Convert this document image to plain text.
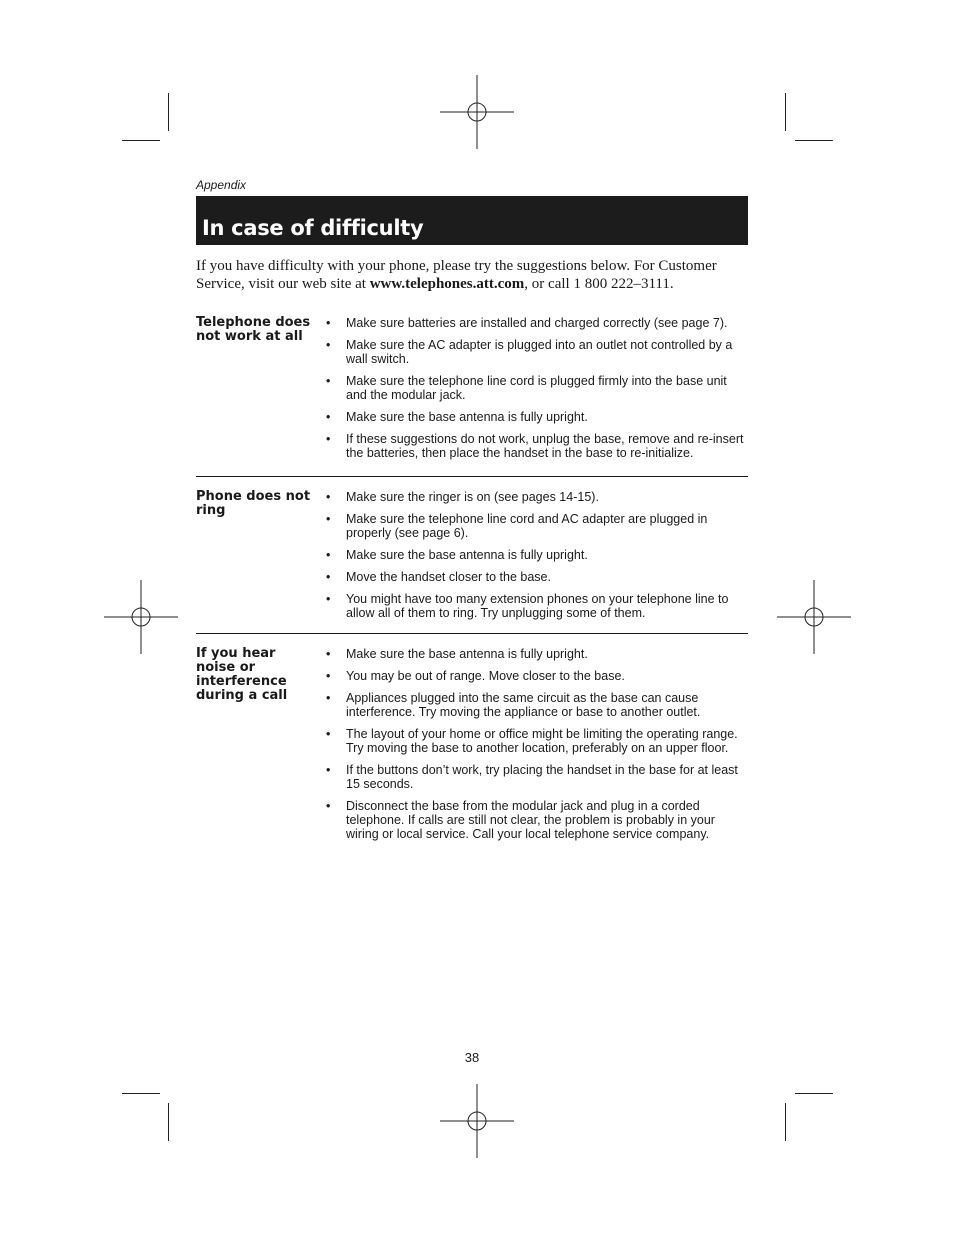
Appendix
In case of difficulty
If you have difficulty with your phone, please try the suggestions below. For Customer Service, visit our web site at www.telephones.att.com, or call 1 800 222–3111.
Telephone does not work at all
• Make sure batteries are installed and charged correctly (see page 7).
• Make sure the AC adapter is plugged into an outlet not controlled by a wall switch.
• Make sure the telephone line cord is plugged firmly into the base unit and the modular jack.
• Make sure the base antenna is fully upright.
• If these suggestions do not work, unplug the base, remove and re-insert the batteries, then place the handset in the base to re-initialize.
Phone does not ring
• Make sure the ringer is on (see pages 14-15).
• Make sure the telephone line cord and AC adapter are plugged in properly (see page 6).
• Make sure the base antenna is fully upright.
• Move the handset closer to the base.
• You might have too many extension phones on your telephone line to allow all of them to ring. Try unplugging some of them.
If you hear noise or interference during a call
• Make sure the base antenna is fully upright.
• You may be out of range. Move closer to the base.
• Appliances plugged into the same circuit as the base can cause interference. Try moving the appliance or base to another outlet.
• The layout of your home or office might be limiting the operating range. Try moving the base to another location, preferably on an upper floor.
• If the buttons don’t work, try placing the handset in the base for at least 15 seconds.
• Disconnect the base from the modular jack and plug in a corded telephone. If calls are still not clear, the problem is probably in your wiring or local service. Call your local telephone service company.
38
